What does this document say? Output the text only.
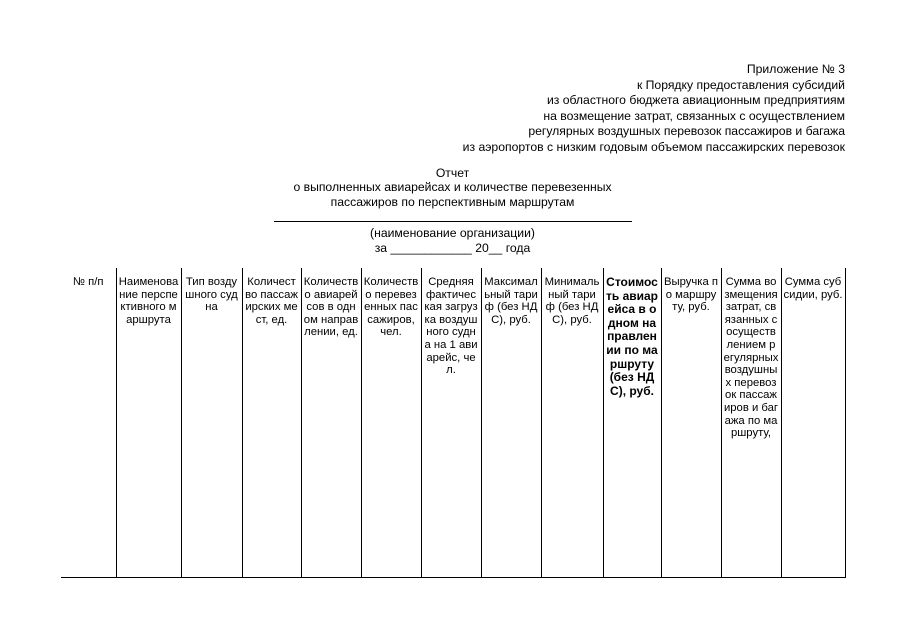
Приложение № 3
к Порядку предоставления субсидий
из областного бюджета авиационным предприятиям
на возмещение затрат, связанных с осуществлением
регулярных воздушных перевозок пассажиров и багажа
из аэропортов с низким годовым объемом пассажирских перевозок
Отчет
о выполненных авиарейсах и количестве перевезенных
пассажиров по перспективным маршрутам
(наименование организации)
за ____________ 20__ года
№ п/п	Наименование перспективного маршрута	Тип воздушного судна	Количество пассажирских мест, ед.	Количество авиарейсов в одном направлении, ед.	Количество перевезенных пассажиров, чел.	Средняя фактическая загрузка воздушного судна на 1 авиарейс, чел.	Максимальный тариф (без НДС), руб.	Минимальный тариф (без НДС), руб.	Стоимость авиарейса в одном направлении по маршруту (без НДС), руб.	Выручка по маршруту, руб.	Сумма возмещения затрат, связанных с осуществлением регулярных воздушных перевозок пассажиров и багажа по маршруту,	Сумма субсидии, руб.
